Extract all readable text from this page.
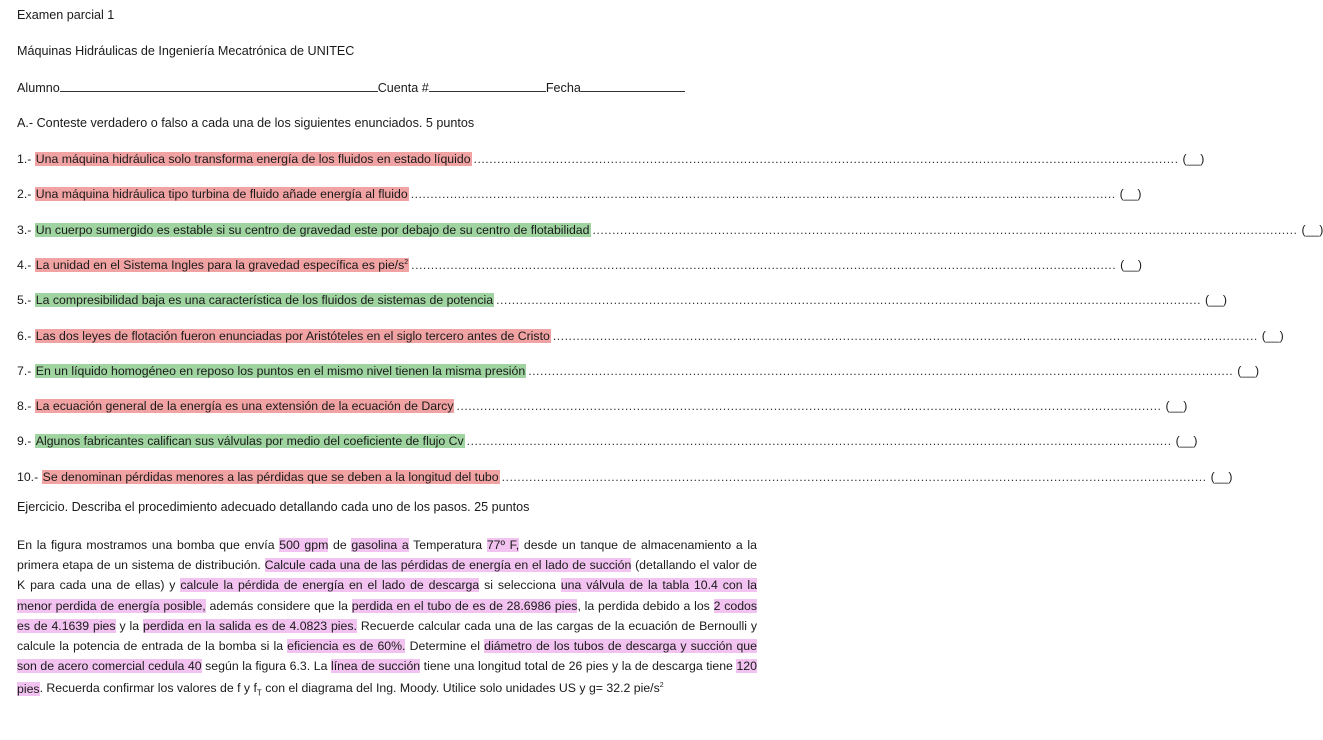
Examen parcial 1
Máquinas Hidráulicas de Ingeniería Mecatrónica de UNITEC
Alumno	Cuenta #	Fecha
A.- Conteste verdadero o falso a cada una de los siguientes enunciados. 5 puntos
1.-
Una máquina hidráulica solo transforma energía de los fluidos en estado líquido .................................................................................................................................................................................... (__)
2.-
Una máquina hidráulica tipo turbina de fluido añade energía al fluido .................................................................................................................................................................................... (__)
3.-
Un cuerpo sumergido es estable si su centro de gravedad este por debajo de su centro de flotabilidad .................................................................................................................................................................................... (__)
4.-
La unidad en el Sistema Ingles para la gravedad específica es pie/$s^2$ .................................................................................................................................................................................... (__)
5.-
La compresibilidad baja es una característica de los fluidos de sistemas de potencia .................................................................................................................................................................................... (__)
6.-
Las dos leyes de flotación fueron enunciadas por Aristóteles en el siglo tercero antes de Cristo .................................................................................................................................................................................... (__)
7.-
En un líquido homogéneo en reposo los puntos en el mismo nivel tienen la misma presión .................................................................................................................................................................................... (__)
8.-
La ecuación general de la energía es una extensión de la ecuación de Darcy .................................................................................................................................................................................... (__)
9.-
Algunos fabricantes califican sus válvulas por medio del coeficiente de flujo Cv .................................................................................................................................................................................... (__)
10.-
Se denominan pérdidas menores a las pérdidas que se deben a la longitud del tubo .................................................................................................................................................................................... (__)
Ejercicio. Describa el procedimiento adecuado detallando cada uno de los pasos. 25 puntos
En la figura mostramos una bomba que envía 500 gpm de gasolina a Temperatura 77º F, desde un tanque de almacenamiento a la primera etapa de un sistema de distribución. Calcule cada una de las pérdidas de energía en el lado de succión (detallando el valor de K para cada una de ellas) y calcule la pérdida de energía en el lado de descarga si selecciona una válvula de la tabla 10.4 con la menor perdida de energía posible, además considere que la perdida en el tubo de es de 28.6986 pies, la perdida debido a los 2 codos es de 4.1639 pies y la perdida en la salida es de 4.0823 pies. Recuerde calcular cada una de las cargas de la ecuación de Bernoulli y calcule la potencia de entrada de la bomba si la eficiencia es de 60%. Determine el diámetro de los tubos de descarga y succión que son de acero comercial cedula 40 según la figura 6.3. La línea de succión tiene una longitud total de 26 pies y la de descarga tiene 120 pies. Recuerda confirmar los valores de f y $f_T$ con el diagrama del Ing. Moody. Utilice solo unidades US y g= 32.2 pie/$s^2$
